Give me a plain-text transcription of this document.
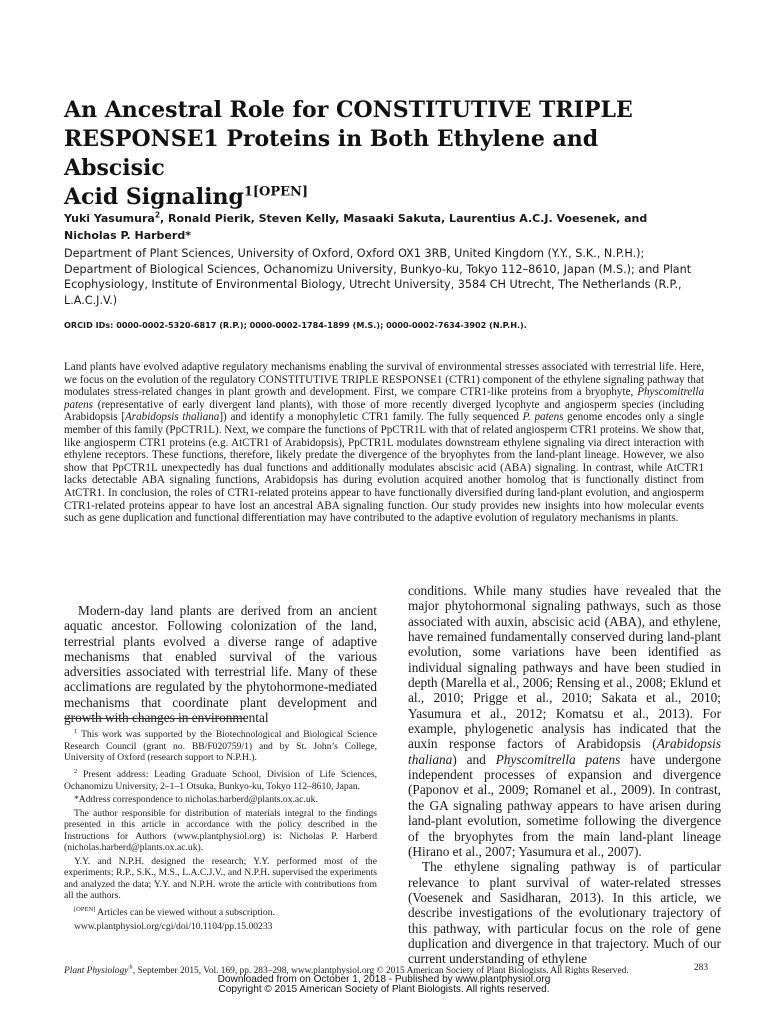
An Ancestral Role for CONSTITUTIVE TRIPLE
RESPONSE1 Proteins in Both Ethylene and Abscisic
Acid Signaling$^{1[OPEN]}$

Yuki Yasumura$^2$, Ronald Pierik, Steven Kelly, Masaaki Sakuta, Laurentius A.C.J. Voesenek, and
Nicholas P. Harberd*

Department of Plant Sciences, University of Oxford, Oxford OX1 3RB, United Kingdom (Y.Y., S.K., N.P.H.); Department of Biological Sciences, Ochanomizu University, Bunkyo-ku, Tokyo 112–8610, Japan (M.S.); and Plant Ecophysiology, Institute of Environmental Biology, Utrecht University, 3584 CH Utrecht, The Netherlands (R.P., L.A.C.J.V.)

ORCID IDs: 0000-0002-5320-6817 (R.P.); 0000-0002-1784-1899 (M.S.); 0000-0002-7634-3902 (N.P.H.).

Land plants have evolved adaptive regulatory mechanisms enabling the survival of environmental stresses associated with terrestrial life. Here, we focus on the evolution of the regulatory CONSTITUTIVE TRIPLE RESPONSE1 (CTR1) component of the ethylene signaling pathway that modulates stress-related changes in plant growth and development. First, we compare CTR1-like proteins from a bryophyte, Physcomitrella patens (representative of early divergent land plants), with those of more recently diverged lycophyte and angiosperm species (including Arabidopsis [Arabidopsis thaliana]) and identify a monophyletic CTR1 family. The fully sequenced P. patens genome encodes only a single member of this family (PpCTR1L). Next, we compare the functions of PpCTR1L with that of related angiosperm CTR1 proteins. We show that, like angiosperm CTR1 proteins (e.g. AtCTR1 of Arabidopsis), PpCTR1L modulates downstream ethylene signaling via direct interaction with ethylene receptors. These functions, therefore, likely predate the divergence of the bryophytes from the land-plant lineage. However, we also show that PpCTR1L unexpectedly has dual functions and additionally modulates abscisic acid (ABA) signaling. In contrast, while AtCTR1 lacks detectable ABA signaling functions, Arabidopsis has during evolution acquired another homolog that is functionally distinct from AtCTR1. In conclusion, the roles of CTR1-related proteins appear to have functionally diversified during land-plant evolution, and angiosperm CTR1-related proteins appear to have lost an ancestral ABA signaling function. Our study provides new insights into how molecular events such as gene duplication and functional differentiation may have contributed to the adaptive evolution of regulatory mechanisms in plants.

Modern-day land plants are derived from an ancient aquatic ancestor. Following colonization of the land, terrestrial plants evolved a diverse range of adaptive mechanisms that enabled survival of the various adversities associated with terrestrial life. Many of these acclimations are regulated by the phytohormone-mediated mechanisms that coordinate plant development and growth with changes in environmental

$^1$ This work was supported by the Biotechnological and Biological Science Research Council (grant no. BB/F020759/1) and by St. John’s College, University of Oxford (research support to N.P.H.).

$^2$ Present address: Leading Graduate School, Division of Life Sciences, Ochanomizu University, 2–1–1 Otsuka, Bunkyo-ku, Tokyo 112–8610, Japan.

*Address correspondence to nicholas.harberd@plants.ox.ac.uk.

The author responsible for distribution of materials integral to the findings presented in this article in accordance with the policy described in the Instructions for Authors (www.plantphysiol.org) is: Nicholas P. Harberd (nicholas.harberd@plants.ox.ac.uk).

Y.Y. and N.P.H. designed the research; Y.Y. performed most of the experiments; R.P., S.K., M.S., L.A.C.J.V., and N.P.H. supervised the experiments and analyzed the data; Y.Y. and N.P.H. wrote the article with contributions from all the authors.

[OPEN] Articles can be viewed without a subscription.

www.plantphysiol.org/cgi/doi/10.1104/pp.15.00233

conditions. While many studies have revealed that the major phytohormonal signaling pathways, such as those associated with auxin, abscisic acid (ABA), and ethylene, have remained fundamentally conserved during land-plant evolution, some variations have been identified as individual signaling pathways and have been studied in depth (Marella et al., 2006; Rensing et al., 2008; Eklund et al., 2010; Prigge et al., 2010; Sakata et al., 2010; Yasumura et al., 2012; Komatsu et al., 2013). For example, phylogenetic analysis has indicated that the auxin response factors of Arabidopsis (Arabidopsis thaliana) and Physcomitrella patens have undergone independent processes of expansion and divergence (Paponov et al., 2009; Romanel et al., 2009). In contrast, the GA signaling pathway appears to have arisen during land-plant evolution, sometime following the divergence of the bryophytes from the main land-plant lineage (Hirano et al., 2007; Yasumura et al., 2007).

The ethylene signaling pathway is of particular relevance to plant survival of water-related stresses (Voesenek and Sasidharan, 2013). In this article, we describe investigations of the evolutionary trajectory of this pathway, with particular focus on the role of gene duplication and divergence in that trajectory. Much of our current understanding of ethylene

Plant Physiology®, September 2015, Vol. 169, pp. 283–298, www.plantphysiol.org © 2015 American Society of Plant Biologists. All Rights Reserved.	283
Downloaded from on October 1, 2018 - Published by www.plantphysiol.org
Copyright © 2015 American Society of Plant Biologists. All rights reserved.
